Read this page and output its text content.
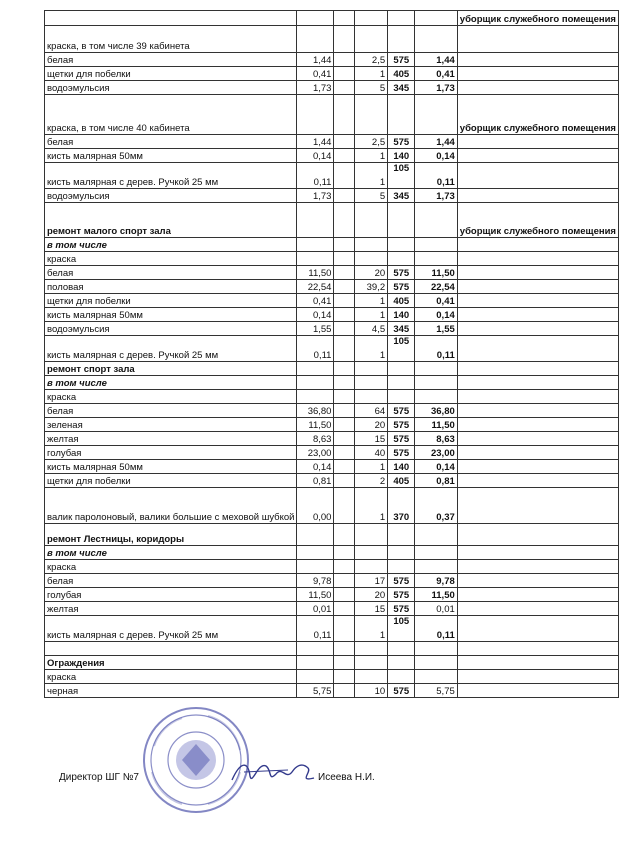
						уборщик служебного помещения
краска, в том числе 39 кабинета						
белая	1,44		2,5	575	1,44	
щетки для побелки	0,41		1	405	0,41	
водоэмульсия	1,73		5	345	1,73	
краска, в том числе 40 кабинета						уборщик служебного помещения
белая	1,44		2,5	575	1,44	
кисть малярная 50мм	0,14		1	140	0,14	
кисть малярная с дерев. Ручкой 25 мм	0,11		1	105	0,11	
водоэмульсия	1,73		5	345	1,73	
ремонт малого спорт зала						уборщик служебного помещения
в том числе						
краска						
белая	11,50		20	575	11,50	
половая	22,54		39,2	575	22,54	
щетки для побелки	0,41		1	405	0,41	
кисть малярная 50мм	0,14		1	140	0,14	
водоэмульсия	1,55		4,5	345	1,55	
кисть малярная с дерев. Ручкой 25 мм	0,11		1	105	0,11	
ремонт спорт зала						
в том числе						
краска						
белая	36,80		64	575	36,80	
зеленая	11,50		20	575	11,50	
желтая	8,63		15	575	8,63	
голубая	23,00		40	575	23,00	
кисть малярная 50мм	0,14		1	140	0,14	
щетки для побелки	0,81		2	405	0,81	
валик паролоновый, валики большие с меховой шубкой	0,00		1	370	0,37	
ремонт Лестницы, коридоры						
в том числе						
краска						
белая	9,78		17	575	9,78	
голубая	11,50		20	575	11,50	
желтая	0,01		15	575	0,01	
кисть малярная с дерев. Ручкой 25 мм	0,11		1	105	0,11	

Ограждения						
краска						
черная	5,75		10	575	5,75	
Директор ШГ №7	Исеева Н.И.
